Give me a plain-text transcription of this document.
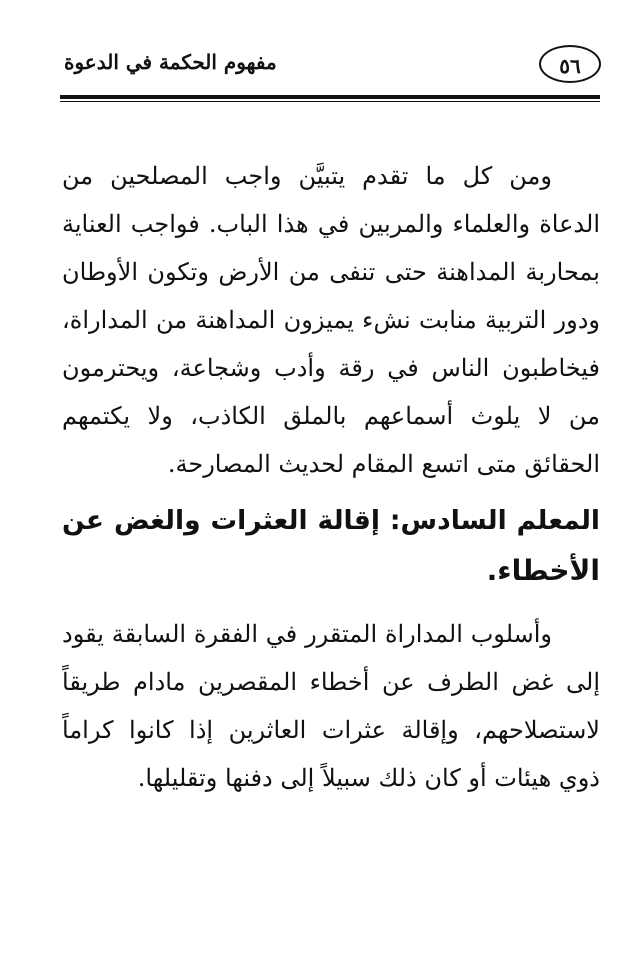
٥٦
مفهوم الحكمة في الدعوة
ومن كل ما تقدم يتبيَّن واجب المصلحين من
الدعاة والعلماء والمربين في هذا الباب. فواجب العناية
بمحاربة المداهنة حتى تنفى من الأرض وتكون الأوطان
ودور التربية منابت نشء يميزون المداهنة من المداراة،
فيخاطبون الناس في رقة وأدب وشجاعة، ويحترمون
من لا يلوث أسماعهم بالملق الكاذب، ولا يكتمهم
الحقائق متى اتسع المقام لحديث المصارحة.
المعلم السادس: إقالة العثرات والغض عن
الأخطاء.
وأسلوب المداراة المتقرر في الفقرة السابقة يقود
إلى غض الطرف عن أخطاء المقصرين مادام طريقاً
لاستصلاحهم، وإقالة عثرات العاثرين إذا كانوا كراماً
ذوي هيئات أو كان ذلك سبيلاً إلى دفنها وتقليلها.
